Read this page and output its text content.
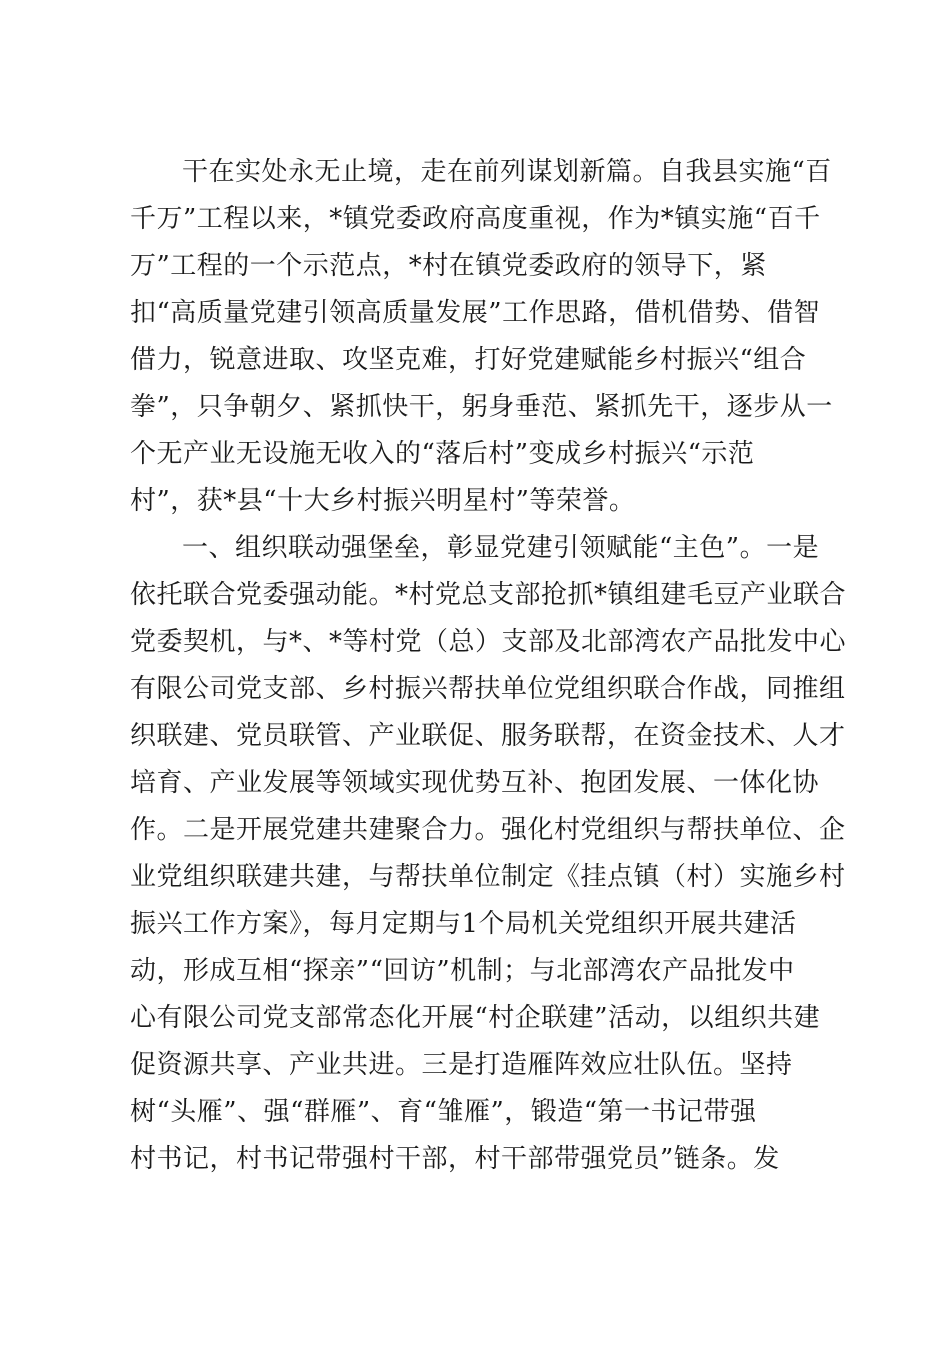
干在实处永无止境，走在前列谋划新篇。自我县实施“百
千万”工程以来，*镇党委政府高度重视，作为*镇实施“百千
万”工程的一个示范点，*村在镇党委政府的领导下，紧
扣“高质量党建引领高质量发展”工作思路，借机借势、借智
借力，锐意进取、攻坚克难，打好党建赋能乡村振兴“组合
拳”，只争朝夕、紧抓快干，躬身垂范、紧抓先干，逐步从一
个无产业无设施无收入的“落后村”变成乡村振兴“示范
村”，获*县“十大乡村振兴明星村”等荣誉。
一、组织联动强堡垒，彰显党建引领赋能“主色”。一是
依托联合党委强动能。*村党总支部抢抓*镇组建毛豆产业联合
党委契机，与*、*等村党（总）支部及北部湾农产品批发中心
有限公司党支部、乡村振兴帮扶单位党组织联合作战，同推组
织联建、党员联管、产业联促、服务联帮，在资金技术、人才
培育、产业发展等领域实现优势互补、抱团发展、一体化协
作。二是开展党建共建聚合力。强化村党组织与帮扶单位、企
业党组织联建共建，与帮扶单位制定《挂点镇（村）实施乡村
振兴工作方案》，每月定期与1个局机关党组织开展共建活
动，形成互相“探亲”“回访”机制；与北部湾农产品批发中
心有限公司党支部常态化开展“村企联建”活动，以组织共建
促资源共享、产业共进。三是打造雁阵效应壮队伍。坚持
树“头雁”、强“群雁”、育“雏雁”，锻造“第一书记带强
村书记，村书记带强村干部，村干部带强党员”链条。发
